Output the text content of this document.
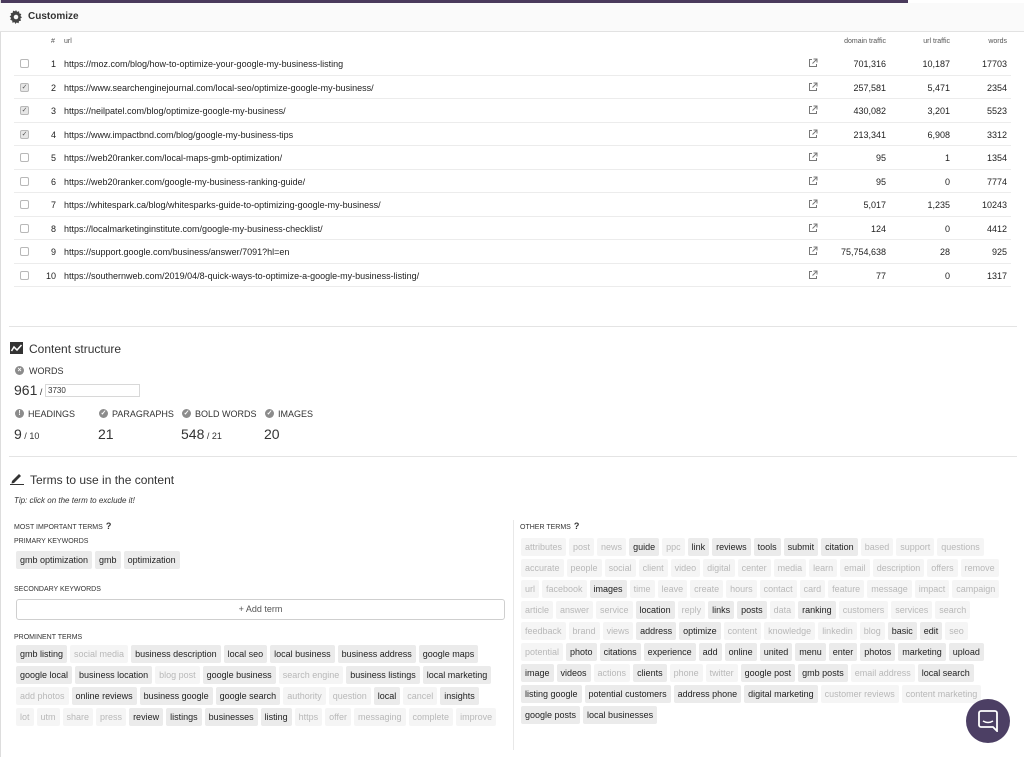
Customize
# url	domain traffic	url traffic	words
1 https://moz.com/blog/how-to-optimize-your-google-my-business-listing	701,316	10,187	17703
✓	2 https://www.searchenginejournal.com/local-seo/optimize-google-my-business/	257,581	5,471	2354
✓	3 https://neilpatel.com/blog/optimize-google-my-business/	430,082	3,201	5523
✓	4 https://www.impactbnd.com/blog/google-my-business-tips	213,341	6,908	3312
5 https://web20ranker.com/local-maps-gmb-optimization/	95	1	1354
6 https://web20ranker.com/google-my-business-ranking-guide/	95	0	7774
7 https://whitespark.ca/blog/whitesparks-guide-to-optimizing-google-my-business/	5,017	1,235	10243
8 https://localmarketinginstitute.com/google-my-business-checklist/	124	0	4412
9 https://support.google.com/business/answer/7091?hl=en	75,754,638	28	925
10 https://southernweb.com/2019/04/8-quick-ways-to-optimize-a-google-my-business-listing/	77	0	1317
Content structure
× WORDS
961 / 3730
! HEADINGS
9 / 10
✓ PARAGRAPHS
21
✓ BOLD WORDS
548 / 21
✓ IMAGES
20
Terms to use in the content
Tip: click on the term to exclude it!
MOST IMPORTANT TERMS ?
PRIMARY KEYWORDS
gmb optimization	gmb	optimization
SECONDARY KEYWORDS
+ Add term
PROMINENT TERMS
gmb listing	social media	business description	local seo	local business	business address	google maps
google local	business location	blog post	google business	search engine	business listings	local marketing
add photos	online reviews	business google	google search	authority	question	local	cancel	insights
lot	utm	share	press	review	listings	businesses	listing	https	offer	messaging	complete	improve
OTHER TERMS ?
attributes	post	news	guide	ppc	link	reviews	tools	submit	citation	based	support	questions
accurate	people	social	client	video	digital	center	media	learn	email	description	offers	remove
url	facebook	images	time	leave	create	hours	contact	card	feature	message	impact	campaign
article	answer	service	location	reply	links	posts	data	ranking	customers	services	search
feedback	brand	views	address	optimize	content	knowledge	linkedin	blog	basic	edit	seo
potential	photo	citations	experience	add	online	united	menu	enter	photos	marketing	upload
image	videos	actions	clients	phone	twitter	google post	gmb posts	email address	local search
listing google	potential customers	address phone	digital marketing	customer reviews	content marketing
google posts	local businesses
